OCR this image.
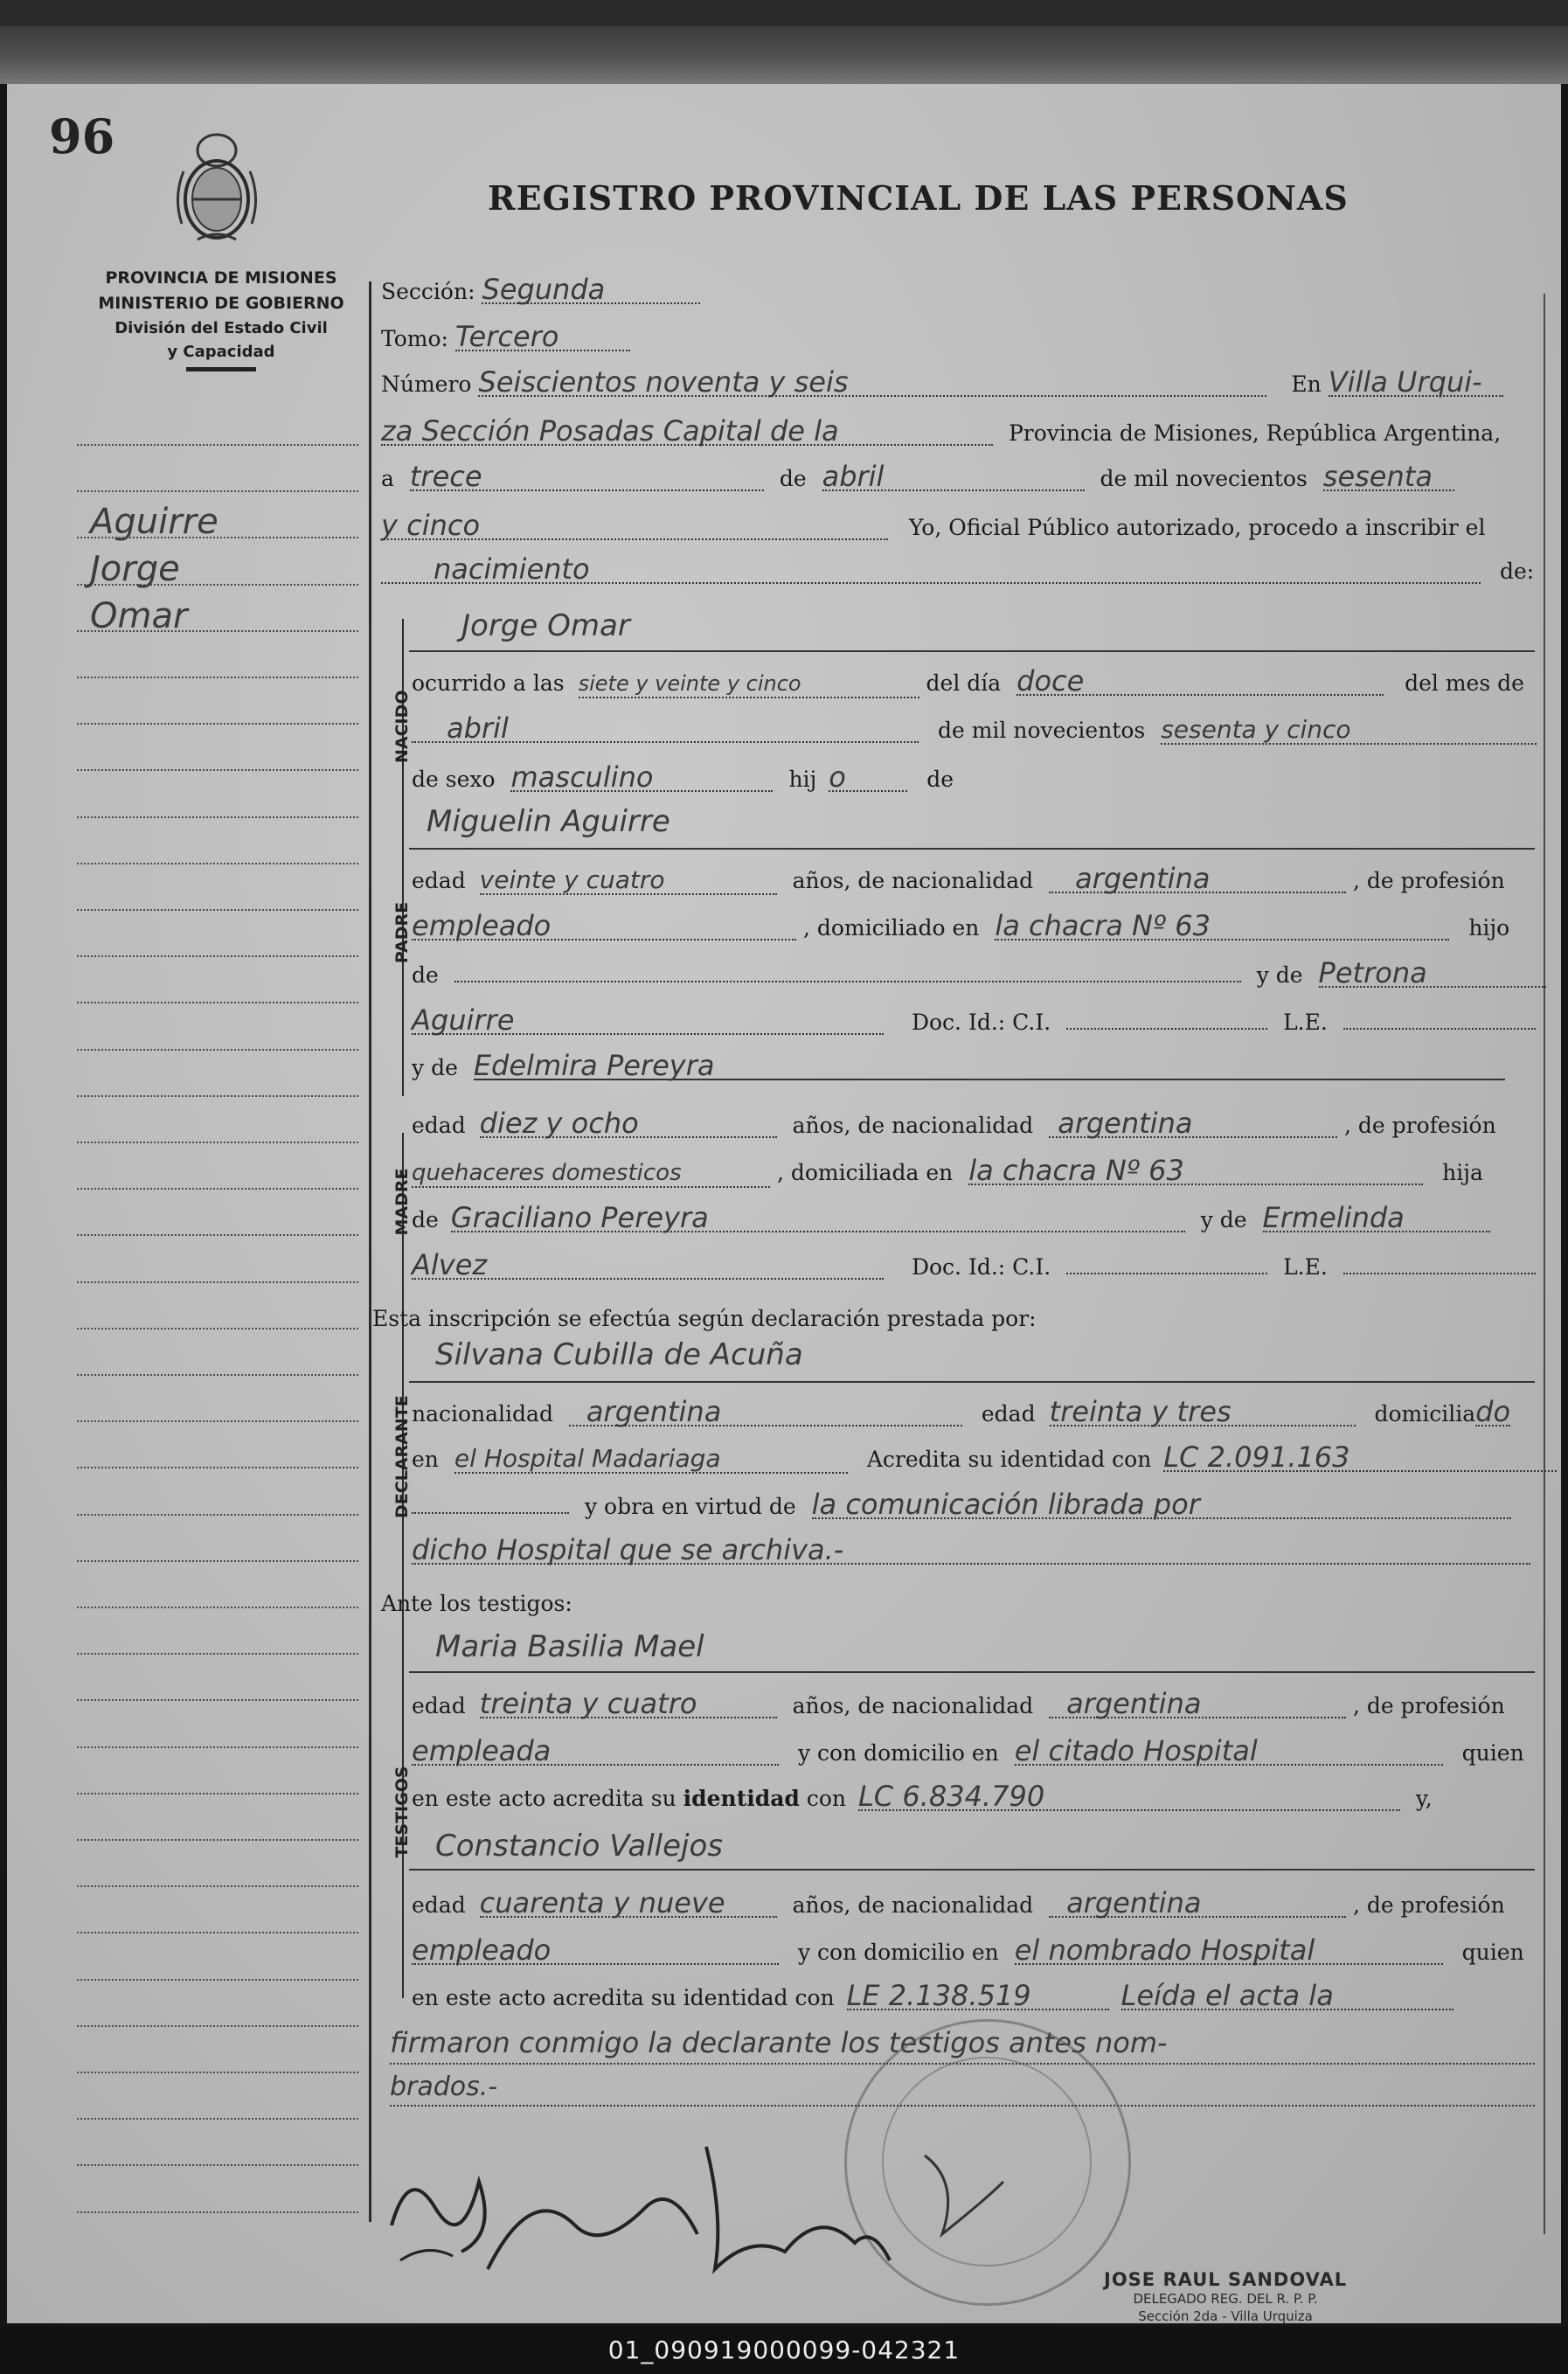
96
REGISTRO PROVINCIAL DE LAS PERSONAS
PROVINCIA DE MISIONES
MINISTERIO DE GOBIERNO
División del Estado Civil
y Capacidad
Aguirre
Jorge
Omar
Sección: Segunda
Tomo: Tercero
Número Seiscientos noventa y seis	En Villa Urqui-
za Sección Posadas Capital de la	Provincia de Misiones, República Argentina,
a trece	de abril	de mil novecientos sesenta
y cinco	Yo, Oficial Público autorizado, procedo a inscribir el
nacimiento	de:
NACIDO
Jorge Omar
ocurrido a las siete y veinte y cinco	del día doce	del mes de
abril	de mil novecientos sesenta y cinco
de sexo masculino	hij o	de
PADRE
Miguelin Aguirre
edad veinte y cuatro	años, de nacionalidad argentina	, de profesión
empleado	, domiciliado en la chacra Nº 63	hijo
de	y de Petrona
Aguirre	Doc. Id.: C.I.	L.E.
MADRE
y de Edelmira Pereyra
edad diez y ocho	años, de nacionalidad argentina	, de profesión
quehaceres domesticos	, domiciliada en la chacra Nº 63	hija
de Graciliano Pereyra	y de Ermelinda
Alvez	Doc. Id.: C.I.	L.E.
Esta inscripción se efectúa según declaración prestada por:
DECLARANTE
Silvana Cubilla de Acuña
nacionalidad argentina	edad treinta y tres	domiciliado
en el Hospital Madariaga	Acredita su identidad con LC 2.091.163
y obra en virtud de la comunicación librada por
dicho Hospital que se archiva.-
Ante los testigos:
TESTIGOS
Maria Basilia Mael
edad treinta y cuatro	años, de nacionalidad argentina	, de profesión
empleada	y con domicilio en el citado Hospital	quien
en este acto acredita su identidad con LC 6.834.790	y,
Constancio Vallejos
edad cuarenta y nueve	años, de nacionalidad argentina	, de profesión
empleado	y con domicilio en el nombrado Hospital	quien
en este acto acredita su identidad con LE 2.138.519	Leída el acta la
firmaron conmigo la declarante los testigos antes nom-
brados.-
JOSE RAUL SANDOVAL
DELEGADO REG. DEL R. P. P.
Sección 2da - Villa Urquiza
01_090919000099-042321
